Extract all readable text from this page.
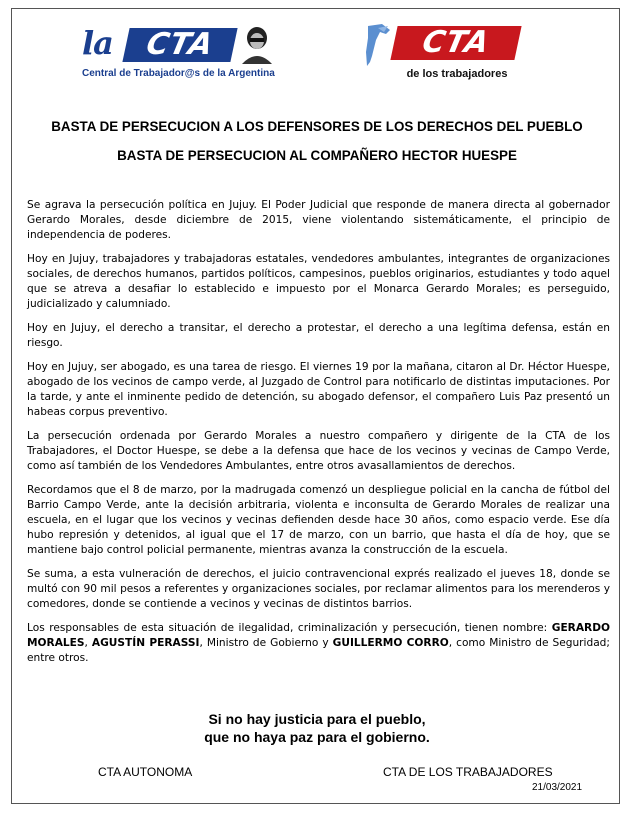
la	CTA
Central de Trabajador@s de la Argentina
CTA
de los trabajadores
BASTA DE PERSECUCION A LOS DEFENSORES DE LOS DERECHOS DEL PUEBLO
BASTA DE PERSECUCION AL COMPAÑERO HECTOR HUESPE

Se agrava la persecución política en Jujuy. El Poder Judicial que responde de manera directa al gobernador Gerardo Morales, desde diciembre de 2015, viene violentando sistemáticamente, el principio de independencia de poderes.

Hoy en Jujuy, trabajadores y trabajadoras estatales, vendedores ambulantes, integrantes de organizaciones sociales, de derechos humanos, partidos políticos, campesinos, pueblos originarios, estudiantes y todo aquel que se atreva a desafiar lo establecido e impuesto por el Monarca Gerardo Morales; es perseguido, judicializado y calumniado.

Hoy en Jujuy, el derecho a transitar, el derecho a protestar, el derecho a una legítima defensa, están en riesgo.

Hoy en Jujuy, ser abogado, es una tarea de riesgo. El viernes 19 por la mañana, citaron al Dr. Héctor Huespe, abogado de los vecinos de campo verde, al Juzgado de Control para notificarlo de distintas imputaciones. Por la tarde, y ante el inminente pedido de detención, su abogado defensor, el compañero Luis Paz presentó un habeas corpus preventivo.

La persecución ordenada por Gerardo Morales a nuestro compañero y dirigente de la CTA de los Trabajadores, el Doctor Huespe, se debe a la defensa que hace de los vecinos y vecinas de Campo Verde, como así también de los Vendedores Ambulantes, entre otros avasallamientos de derechos.

Recordamos que el 8 de marzo, por la madrugada comenzó un despliegue policial en la cancha de fútbol del Barrio Campo Verde, ante la decisión arbitraria, violenta e inconsulta de Gerardo Morales de realizar una escuela, en el lugar que los vecinos y vecinas defienden desde hace 30 años, como espacio verde. Ese día hubo represión y detenidos, al igual que el 17 de marzo, con un barrio, que hasta el día de hoy, que se mantiene bajo control policial permanente, mientras avanza la construcción de la escuela.

Se suma, a esta vulneración de derechos, el juicio contravencional exprés realizado el jueves 18, donde se multó con 90 mil pesos a referentes y organizaciones sociales, por reclamar alimentos para los merenderos y comedores, donde se contiende a vecinos y vecinas de distintos barrios.

Los responsables de esta situación de ilegalidad, criminalización y persecución, tienen nombre: GERARDO MORALES, AGUSTÍN PERASSI, Ministro de Gobierno y GUILLERMO CORRO, como Ministro de Seguridad; entre otros.

Si no hay justicia para el pueblo,
que no haya paz para el gobierno.
CTA AUTONOMA	CTA DE LOS TRABAJADORES
21/03/2021
